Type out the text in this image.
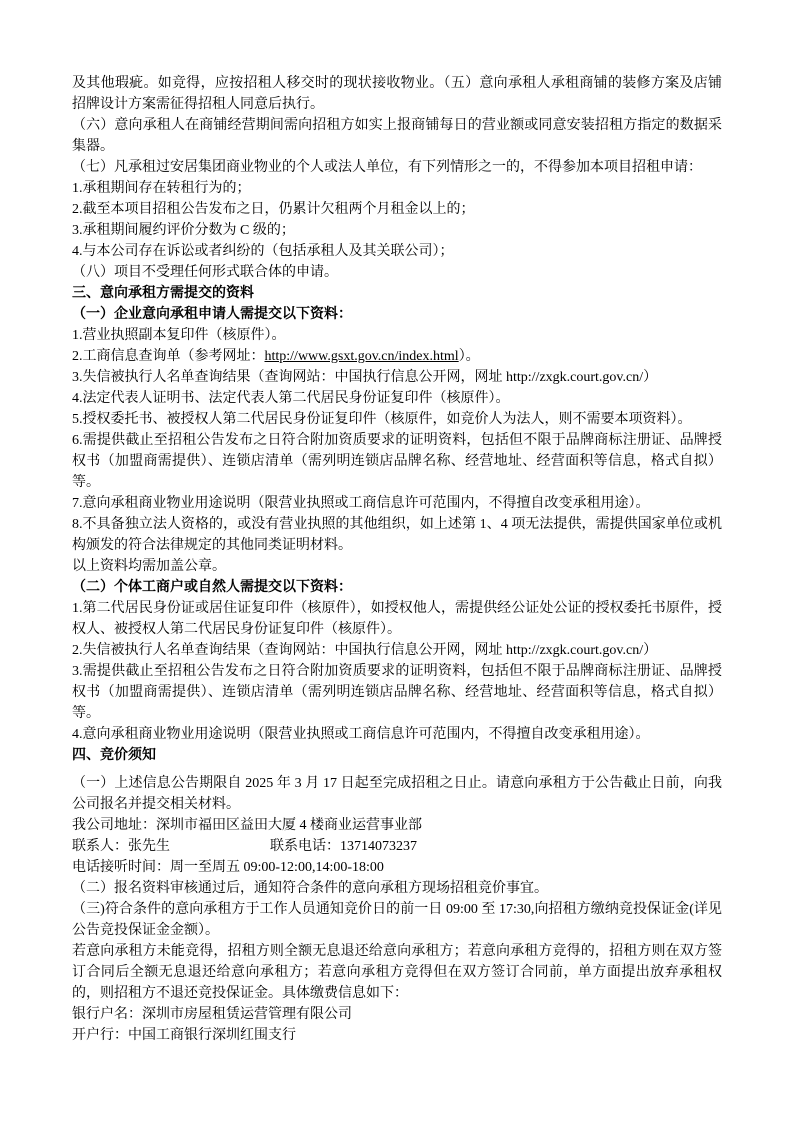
及其他瑕疵。如竞得，应按招租人移交时的现状接收物业。（五）意向承租人承租商铺的装修方案及店铺招牌设计方案需征得招租人同意后执行。

（六）意向承租人在商铺经营期间需向招租方如实上报商铺每日的营业额或同意安装招租方指定的数据采集器。

（七）凡承租过安居集团商业物业的个人或法人单位，有下列情形之一的，不得参加本项目招租申请：

1.承租期间存在转租行为的；

2.截至本项目招租公告发布之日，仍累计欠租两个月租金以上的；

3.承租期间履约评价分数为 C 级的；

4.与本公司存在诉讼或者纠纷的（包括承租人及其关联公司）；

（八）项目不受理任何形式联合体的申请。

三、意向承租方需提交的资料

（一）企业意向承租申请人需提交以下资料：

1.营业执照副本复印件（核原件）。

2.工商信息查询单（参考网址：http://www.gsxt.gov.cn/index.html）。

3.失信被执行人名单查询结果（查询网站：中国执行信息公开网，网址 http://zxgk.court.gov.cn/）

4.法定代表人证明书、法定代表人第二代居民身份证复印件（核原件）。

5.授权委托书、被授权人第二代居民身份证复印件（核原件，如竞价人为法人，则不需要本项资料）。

6.需提供截止至招租公告发布之日符合附加资质要求的证明资料，包括但不限于品牌商标注册证、品牌授权书（加盟商需提供）、连锁店清单（需列明连锁店品牌名称、经营地址、经营面积等信息，格式自拟）等。

7.意向承租商业物业用途说明（限营业执照或工商信息许可范围内，不得擅自改变承租用途）。

8.不具备独立法人资格的，或没有营业执照的其他组织，如上述第 1、4 项无法提供，需提供国家单位或机构颁发的符合法律规定的其他同类证明材料。

以上资料均需加盖公章。

（二）个体工商户或自然人需提交以下资料：

1.第二代居民身份证或居住证复印件（核原件），如授权他人，需提供经公证处公证的授权委托书原件，授权人、被授权人第二代居民身份证复印件（核原件）。

2.失信被执行人名单查询结果（查询网站：中国执行信息公开网，网址 http://zxgk.court.gov.cn/）

3.需提供截止至招租公告发布之日符合附加资质要求的证明资料，包括但不限于品牌商标注册证、品牌授权书（加盟商需提供）、连锁店清单（需列明连锁店品牌名称、经营地址、经营面积等信息，格式自拟）等。

4.意向承租商业物业用途说明（限营业执照或工商信息许可范围内，不得擅自改变承租用途）。

四、竞价须知

（一）上述信息公告期限自 2025 年 3 月 17 日起至完成招租之日止。请意向承租方于公告截止日前，向我公司报名并提交相关材料。

我公司地址：深圳市福田区益田大厦 4 楼商业运营事业部

联系人：张先生	联系电话：13714073237

电话接听时间：周一至周五 09:00-12:00,14:00-18:00

（二）报名资料审核通过后，通知符合条件的意向承租方现场招租竞价事宜。

（三)符合条件的意向承租方于工作人员通知竞价日的前一日 09:00 至 17:30,向招租方缴纳竞投保证金(详见公告竞投保证金金额）。

若意向承租方未能竞得，招租方则全额无息退还给意向承租方；若意向承租方竞得的，招租方则在双方签订合同后全额无息退还给意向承租方；若意向承租方竞得但在双方签订合同前，单方面提出放弃承租权的，则招租方不退还竞投保证金。具体缴费信息如下：

银行户名：深圳市房屋租赁运营管理有限公司

开户行：中国工商银行深圳红围支行
